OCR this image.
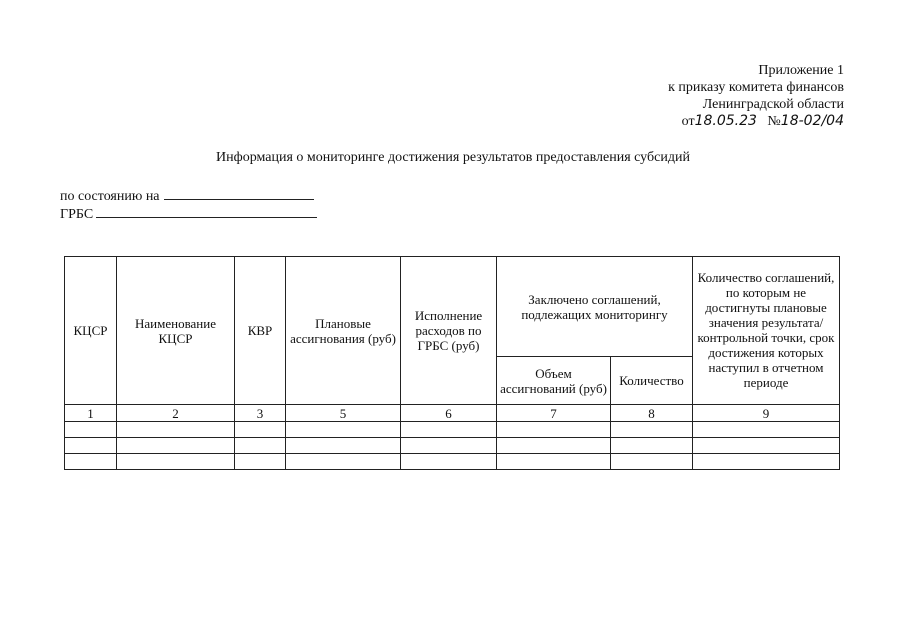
Приложение 1
к приказу комитета финансов
Ленинградской области
от18.05.23 №18-02/04
Информация о мониторинге достижения результатов предоставления субсидий
по состоянию на
ГРБС
КЦСР	Наименование КЦСР	КВР	Плановые ассигнования (руб)	Исполнение расходов по ГРБС (руб)	Заключено соглашений, подлежащих мониторингу		Количество соглашений, по которым не достигнуты плановые значения результата/ контрольной точки, срок достижения которых наступил в отчетном периоде
					Объем ассигнований (руб)	Количество	
1	2	3	5	6	7	8	9
